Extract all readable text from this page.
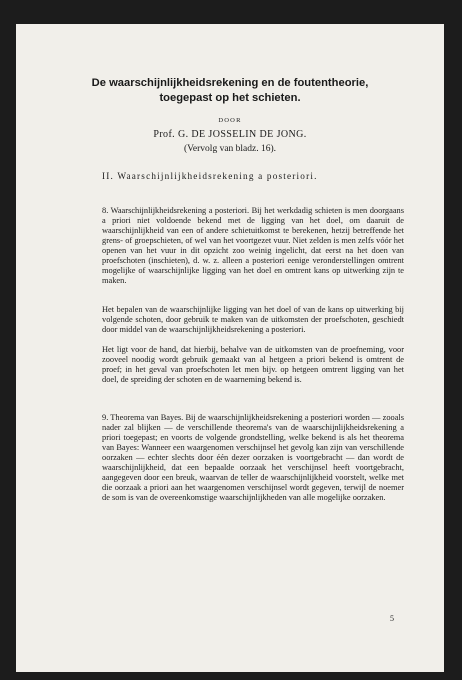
De waarschijnlijkheidsrekening en de foutentheorie,
toegepast op het schieten.
DOOR
Prof. G. DE JOSSELIN DE JONG.
(Vervolg van bladz. 16).
II. Waarschijnlijkheidsrekening a posteriori.

8. Waarschijnlijkheidsrekening a posteriori. Bij het werkdadig schieten is men doorgaans a priori niet voldoende bekend met de ligging van het doel, om daaruit de waarschijnlijkheid van een of andere schietuitkomst te berekenen, hetzij betreffende het grens- of groepschieten, of wel van het voortgezet vuur. Niet zelden is men zelfs vóór het openen van het vuur in dit opzicht zoo weinig ingelicht, dat eerst na het doen van proefschoten (inschieten), d. w. z. alleen a posteriori eenige veronderstellingen omtrent mogelijke of waarschijnlijke ligging van het doel en omtrent kans op uitwerking zijn te maken.

Het bepalen van de waarschijnlijke ligging van het doel of van de kans op uitwerking bij volgende schoten, door gebruik te maken van de uitkomsten der proefschoten, geschiedt door middel van de waarschijnlijkheidsrekening a posteriori.

Het ligt voor de hand, dat hierbij, behalve van de uitkomsten van de proefneming, voor zooveel noodig wordt gebruik gemaakt van al hetgeen a priori bekend is omtrent de proef; in het geval van proefschoten let men bijv. op hetgeen omtrent ligging van het doel, de spreiding der schoten en de waarneming bekend is.

9. Theorema van Bayes. Bij de waarschijnlijkheidsrekening a posteriori worden — zooals nader zal blijken — de verschillende theorema's van de waarschijnlijkheidsrekening a priori toegepast; en voorts de volgende grondstelling, welke bekend is als het theorema van Bayes: Wanneer een waargenomen verschijnsel het gevolg kan zijn van verschillende oorzaken — echter slechts door één dezer oorzaken is voortgebracht — dan wordt de waarschijnlijkheid, dat een bepaalde oorzaak het verschijnsel heeft voortgebracht, aangegeven door een breuk, waarvan de teller de waarschijnlijkheid voorstelt, welke met die oorzaak a priori aan het waargenomen verschijnsel wordt gegeven, terwijl de noemer de som is van de overeenkomstige waarschijnlijkheden van alle mogelijke oorzaken.

5
